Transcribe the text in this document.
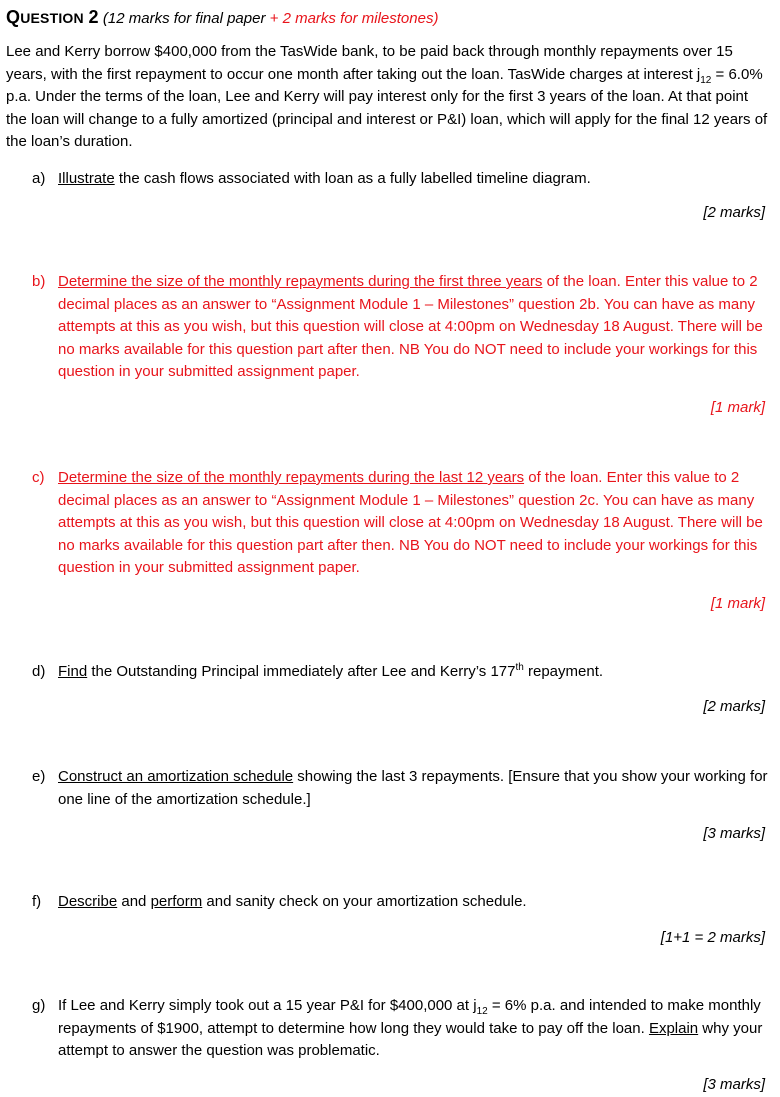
QUESTION 2 (12 marks for final paper + 2 marks for milestones)
Lee and Kerry borrow $400,000 from the TasWide bank, to be paid back through monthly repayments over 15 years, with the first repayment to occur one month after taking out the loan. TasWide charges at interest $j_{12} = 6.0\%$ p.a. Under the terms of the loan, Lee and Kerry will pay interest only for the first 3 years of the loan. At that point the loan will change to a fully amortized (principal and interest or P&I) loan, which will apply for the final 12 years of the loan’s duration.
a) Illustrate the cash flows associated with loan as a fully labelled timeline diagram.
[2 marks]
b) Determine the size of the monthly repayments during the first three years of the loan. Enter this value to 2 decimal places as an answer to “Assignment Module 1 – Milestones” question 2b. You can have as many attempts at this as you wish, but this question will close at 4:00pm on Wednesday 18 August. There will be no marks available for this question part after then. NB You do NOT need to include your workings for this question in your submitted assignment paper.
[1 mark]
c) Determine the size of the monthly repayments during the last 12 years of the loan. Enter this value to 2 decimal places as an answer to “Assignment Module 1 – Milestones” question 2c. You can have as many attempts at this as you wish, but this question will close at 4:00pm on Wednesday 18 August. There will be no marks available for this question part after then. NB You do NOT need to include your workings for this question in your submitted assignment paper.
[1 mark]
d) Find the Outstanding Principal immediately after Lee and Kerry’s 177th repayment.
[2 marks]
e) Construct an amortization schedule showing the last 3 repayments. [Ensure that you show your working for one line of the amortization schedule.]
[3 marks]
f)	Describe and perform and sanity check on your amortization schedule.
[1+1 = 2 marks]
g) If Lee and Kerry simply took out a 15 year P&I for $400,000 at $j_{12} = 6\%$ p.a. and intended to make monthly repayments of $1900, attempt to determine how long they would take to pay off the loan. Explain why your attempt to answer the question was problematic.
[3 marks]
